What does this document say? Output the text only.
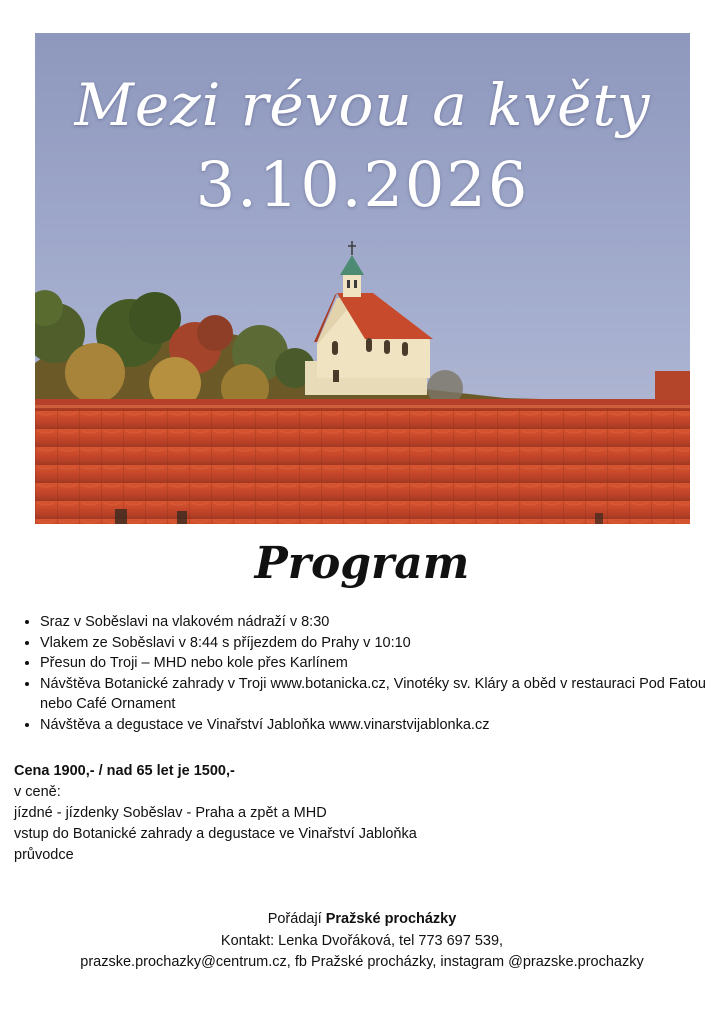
Mezi révou a květy

3.10.2026

Program
• Sraz v Soběslavi na vlakovém nádraží v 8:30
• Vlakem ze Soběslavi v 8:44 s příjezdem do Prahy v 10:10
• Přesun do Troji – MHD nebo kole přes Karlínem
• Návštěva Botanické zahrady v Troji www.botanicka.cz, Vinotéky sv. Kláry a oběd v restauraci Pod Fatou nebo Café Ornament
• Návštěva a degustace ve Vinařství Jabloňka www.vinarstvijablonka.cz
Cena 1900,- / nad 65 let je 1500,-
v ceně:
jízdné - jízdenky Soběslav - Praha a zpět a MHD
vstup do Botanické zahrady a degustace ve Vinařství Jabloňka
průvodce
Pořádají Pražské procházky
Kontakt: Lenka Dvořáková, tel 773 697 539,
prazske.prochazky@centrum.cz, fb Pražské procházky, instagram @prazske.prochazky
